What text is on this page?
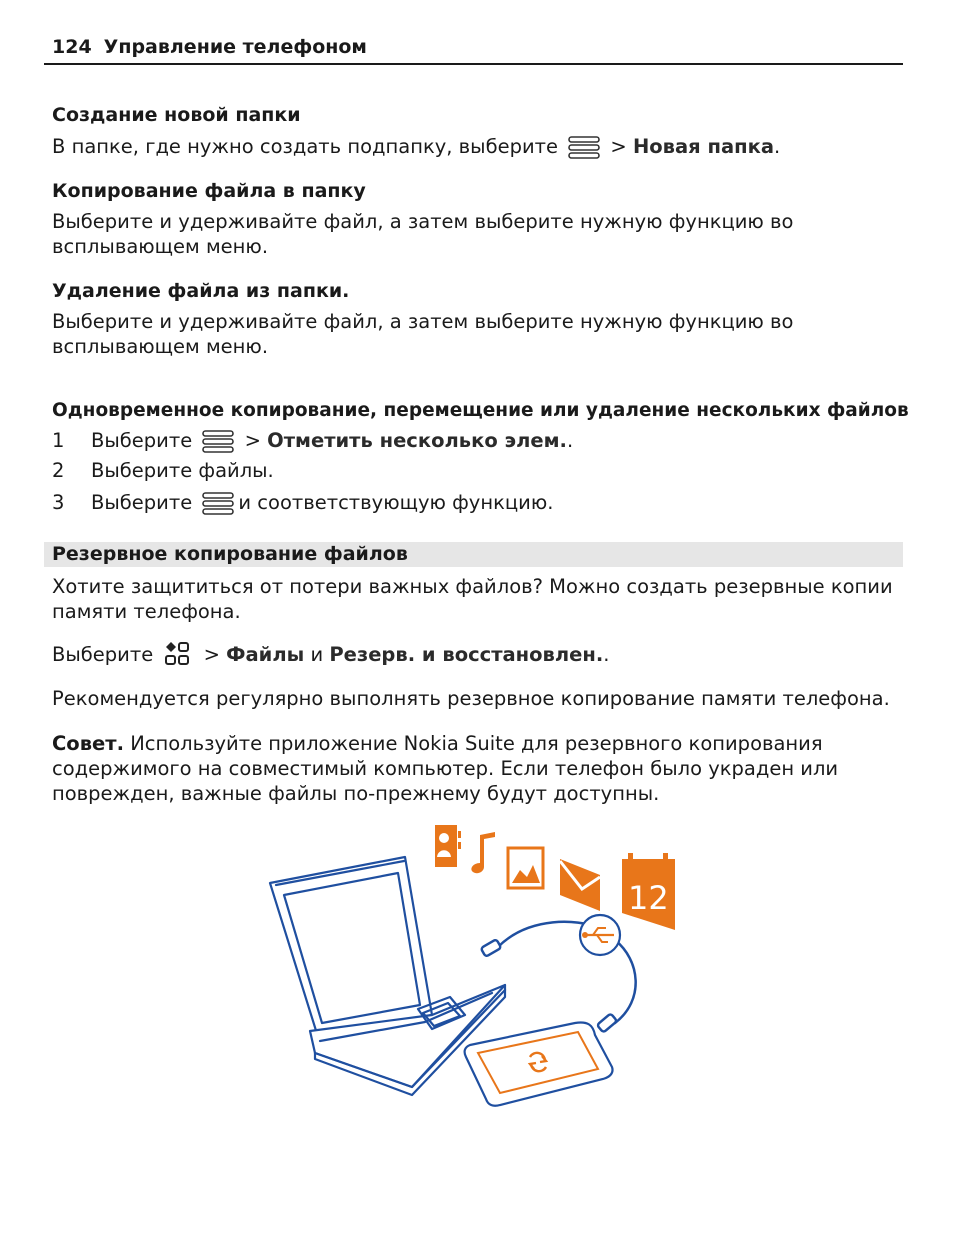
124 Управление телефоном
Создание новой папки
В папке, где нужно создать подпапку, выберите	> Новая папка.
Копирование файла в папку
Выберите и удерживайте файл, а затем выберите нужную функцию во
всплывающем меню.
Удаление файла из папки.
Выберите и удерживайте файл, а затем выберите нужную функцию во
всплывающем меню.
Одновременное копирование, перемещение или удаление нескольких файлов
1 Выберите	> Отметить несколько элем..
2 Выберите файлы.
3 Выберите и соответствующую функцию.
Резервное копирование файлов
Хотите защититься от потери важных файлов? Можно создать резервные копии
памяти телефона.
Выберите	> Файлы и Резерв. и восстановлен..
Рекомендуется регулярно выполнять резервное копирование памяти телефона.
Совет. Используйте приложение Nokia Suite для резервного копирования
содержимого на совместимый компьютер. Если телефон было украден или
поврежден, важные файлы по-прежнему будут доступны.
12
